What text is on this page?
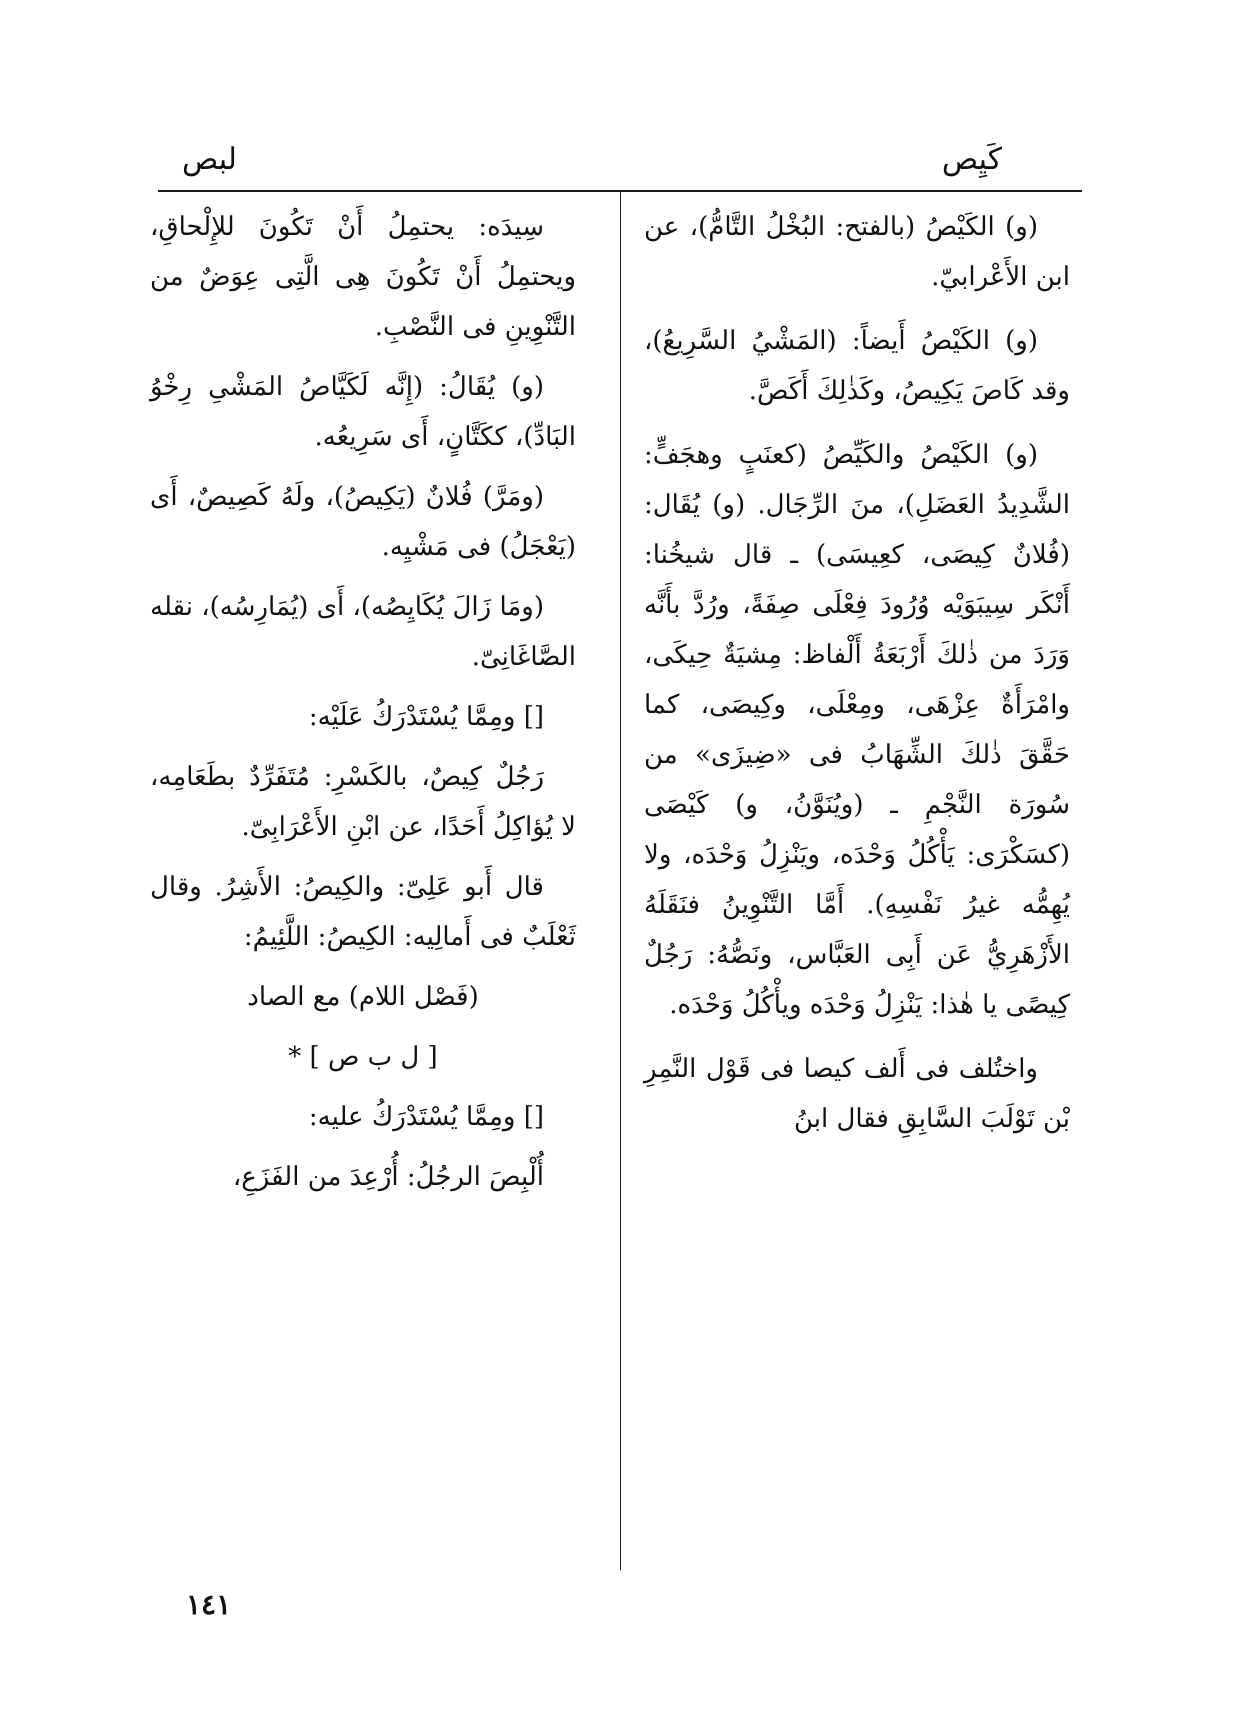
كَيِص
لبص

(و) الكَيْصُ (بالفتح: البُخْلُ التَّامُّ)، عن ابن الأَعْرابيّ.

(و) الكَيْصُ أَيضاً: (المَشْيُ السَّرِيعُ)، وقد كَاصَ يَكِيصُ، وكَذٰلِكَ أَكَصَّ.

(و) الكَيْصُ والكَيِّصُ (كعنَبٍ وهجَفٍّ: الشَّدِيدُ العَضَلِ)، منَ الرِّجَال. (و) يُقَال: (فُلانٌ كِيصَى، كعِيسَى) ـ قال شيخُنا: أَنْكَر سِيبَوَيْه وُرُودَ فِعْلَى صِفَةً، ورُدَّ بأَنَّه وَرَدَ من ذٰلكَ أَرْبَعَةُ أَلْفاظ: مِشيَةٌ حِيكَى، وامْرَأَةٌ عِزْهَى، ومِعْلَى، وكِيصَى، كما حَقَّقَ ذٰلكَ الشِّهَابُ فى «ضِيزَى» من سُورَة النَّجْمِ ـ (ويُنَوَّنُ، و) كَيْصَى (كسَكْرَى: يَأْكُلُ وَحْدَه، ويَنْزِلُ وَحْدَه، ولا يُهِمُّه غيرُ نَفْسِهِ). أَمَّا التَّنْوِينُ فنَقَلَهُ الأَزْهَرِيُّ عَن أَبِى العَبَّاس، ونَصُّهُ: رَجُلٌ كِيصًى يا هٰذا: يَنْزِلُ وَحْدَه ويأْكُلُ وَحْدَه.

واختُلف فى أَلف كيصا فى قَوْل النَّمِرِ بْن تَوْلَبَ السَّابِقِ فقال ابنُ

سِيدَه: يحتمِلُ أَنْ تَكُونَ للإِلْحاقِ، ويحتمِلُ أَنْ تَكُونَ هِى الَّتِى عِوَضٌ من التَّنْوِينِ فى النَّصْبِ.

(و) يُقَالُ: (إِنَّه لَكَيَّاصُ المَشْىِ رِخْوُ البَادِّ)، ككَتَّانٍ، أَى سَرِيعُه.

(ومَرَّ) فُلانٌ (يَكِيصُ)، ولَهُ كَصِيصٌ، أَى (يَعْجَلُ) فى مَشْيِه.

(ومَا زَالَ يُكَايِصُه)، أَى (يُمَارِسُه)، نقله الصَّاغَانِىّ.

[] ومِمَّا يُسْتَدْرَكُ عَلَيْه:

رَجُلٌ كِيصٌ، بالكَسْرِ: مُتَفَرِّدٌ بطَعَامِه، لا يُؤاكِلُ أَحَدًا، عن ابْنِ الأَعْرَابِىّ.

قال أَبو عَلِىّ: والكِيصُ: الأَشِرُ. وقال ثَعْلَبٌ فى أَمالِيه: الكِيصُ: اللَّئِيمُ:

(فَصْل اللام) مع الصاد

[ ل ب ص ] *

[] ومِمَّا يُسْتَدْرَكُ عليه:

أُلْبِصَ الرجُلُ: أُرْعِدَ من الفَزَعِ،

١٤١
